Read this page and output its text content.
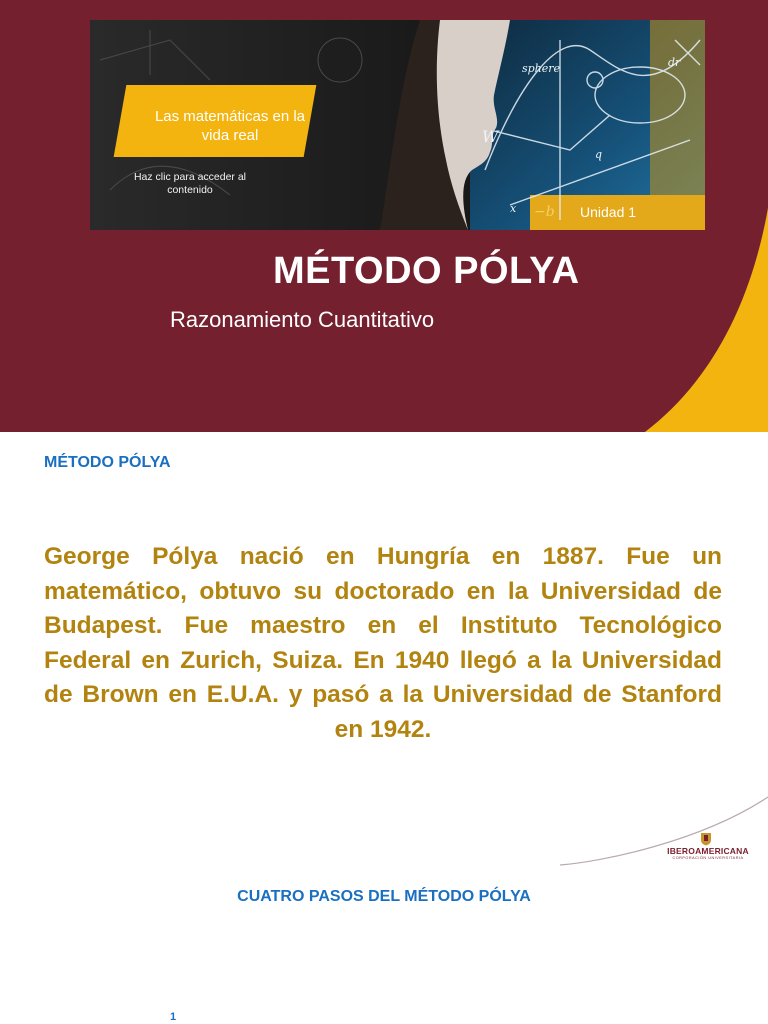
sphere
W
q
x
dr
Las matemáticas en la vida real
Haz clic para acceder al contenido
−b Unidad 1
MÉTODO PÓLYA
Razonamiento Cuantitativo
MÉTODO PÓLYA
George Pólya nació en Hungría en 1887. Fue un matemático, obtuvo su doctorado en la Universidad de Budapest. Fue maestro en el Instituto Tecnológico Federal en Zurich, Suiza. En 1940 llegó a la Universidad de Brown en E.U.A. y pasó a la Universidad de Stanford en 1942.
IBEROAMERICANA
CORPORACIÓN UNIVERSITARIA
CUATRO PASOS DEL MÉTODO PÓLYA
1
